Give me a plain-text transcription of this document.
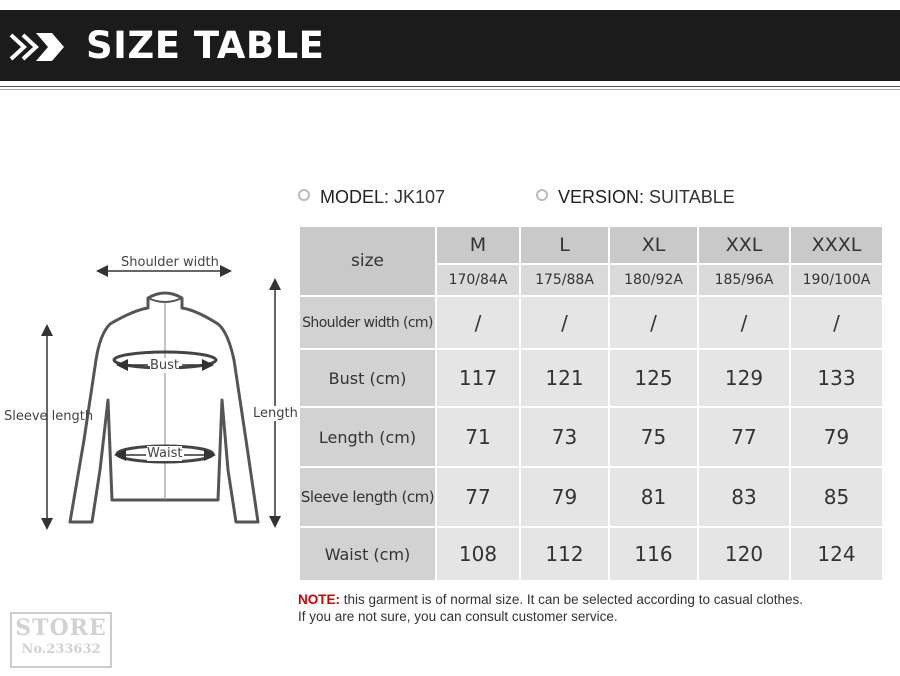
SIZE TABLE
MODEL: JK107	VERSION: SUITABLE
Shoulder width
Bust
Waist
Sleeve length	Length
size	M	L	XL	XXL	XXXL
	170/84A	175/88A	180/92A	185/96A	190/100A
Shoulder width (cm)	/	/	/	/	/
Bust (cm)	117	121	125	129	133
Length (cm)	71	73	75	77	79
Sleeve length (cm)	77	79	81	83	85
Waist (cm)	108	112	116	120	124
NOTE: this garment is of normal size. It can be selected according to casual clothes.
If you are not sure, you can consult customer service.
STORE
No.233632
